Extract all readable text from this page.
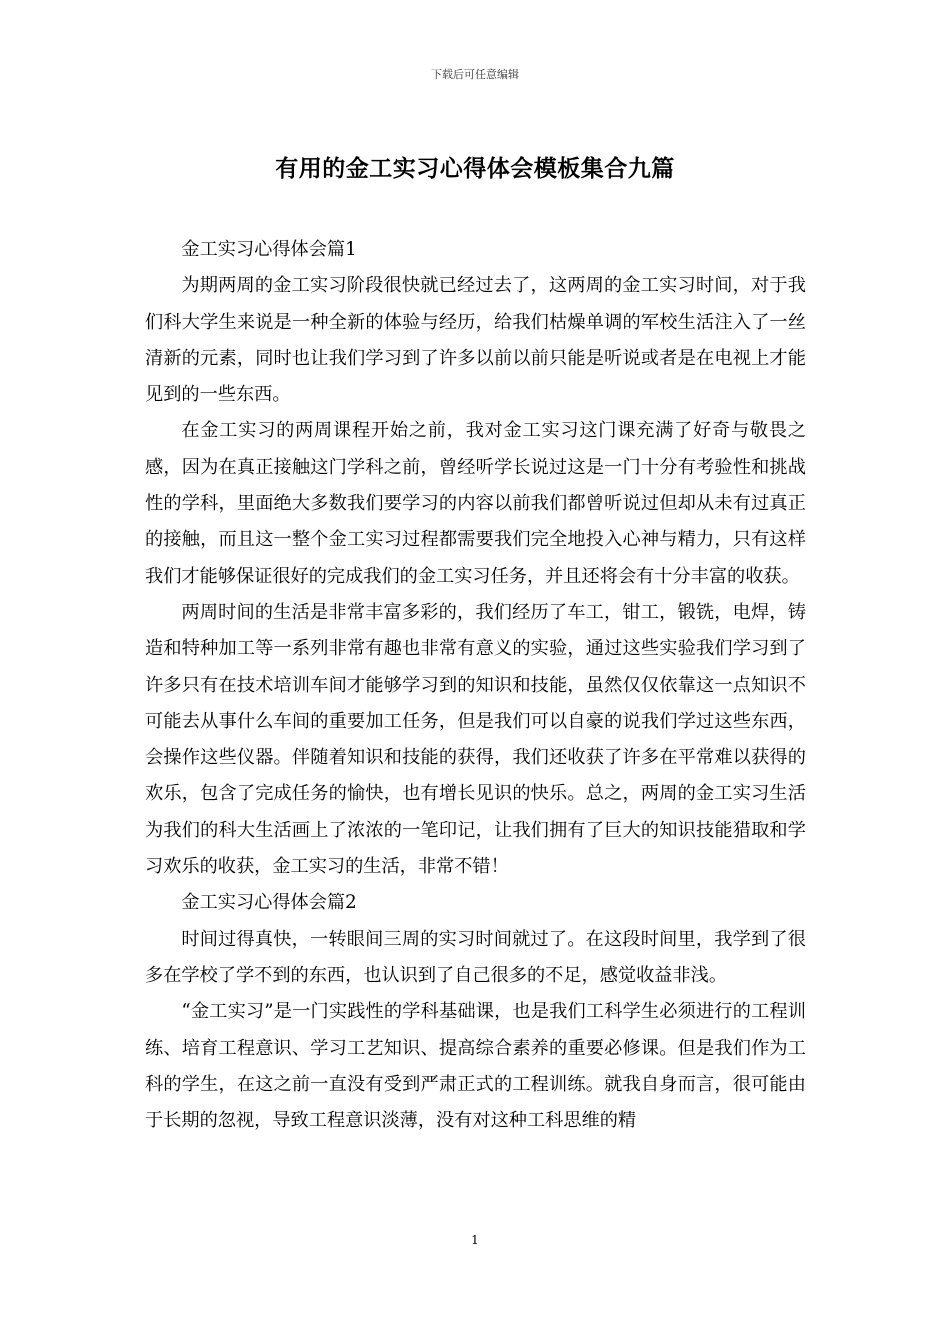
下载后可任意编辑
有用的金工实习心得体会模板集合九篇

金工实习心得体会篇1

为期两周的金工实习阶段很快就已经过去了，这两周的金工实习时间，对于我们科大学生来说是一种全新的体验与经历，给我们枯燥单调的军校生活注入了一丝清新的元素，同时也让我们学习到了许多以前以前只能是听说或者是在电视上才能见到的一些东西。

在金工实习的两周课程开始之前，我对金工实习这门课充满了好奇与敬畏之感，因为在真正接触这门学科之前，曾经听学长说过这是一门十分有考验性和挑战性的学科，里面绝大多数我们要学习的内容以前我们都曾听说过但却从未有过真正的接触，而且这一整个金工实习过程都需要我们完全地投入心神与精力，只有这样我们才能够保证很好的完成我们的金工实习任务，并且还将会有十分丰富的收获。

两周时间的生活是非常丰富多彩的，我们经历了车工，钳工，锻铣，电焊，铸造和特种加工等一系列非常有趣也非常有意义的实验，通过这些实验我们学习到了许多只有在技术培训车间才能够学习到的知识和技能，虽然仅仅依靠这一点知识不可能去从事什么车间的重要加工任务，但是我们可以自豪的说我们学过这些东西，会操作这些仪器。伴随着知识和技能的获得，我们还收获了许多在平常难以获得的欢乐，包含了完成任务的愉快，也有增长见识的快乐。总之，两周的金工实习生活为我们的科大生活画上了浓浓的一笔印记，让我们拥有了巨大的知识技能猎取和学习欢乐的收获，金工实习的生活，非常不错！

金工实习心得体会篇2

时间过得真快，一转眼间三周的实习时间就过了。在这段时间里，我学到了很多在学校了学不到的东西，也认识到了自己很多的不足，感觉收益非浅。

“金工实习”是一门实践性的学科基础课，也是我们工科学生必须进行的工程训练、培育工程意识、学习工艺知识、提高综合素养的重要必修课。但是我们作为工科的学生，在这之前一直没有受到严肃正式的工程训练。就我自身而言，很可能由于长期的忽视，导致工程意识淡薄，没有对这种工科思维的精

1
